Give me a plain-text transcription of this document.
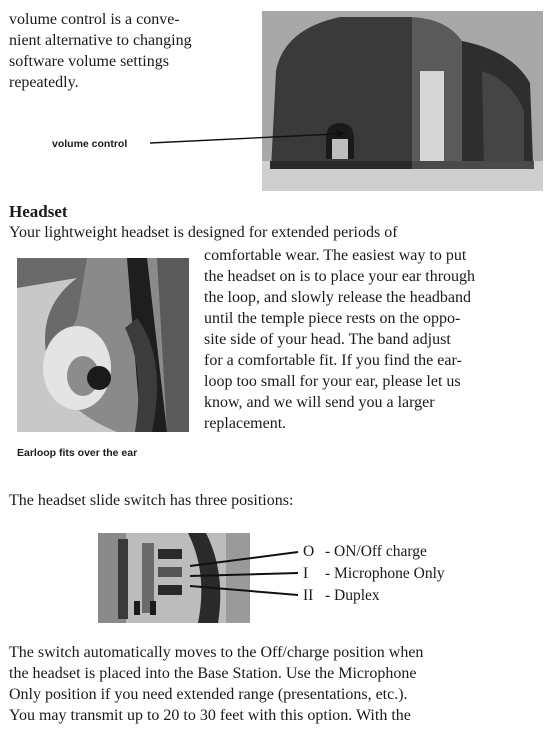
volume control is a conve-
nient alternative to changing
software volume settings
repeatedly.
volume control
Headset
Your lightweight headset is designed for extended periods of
Earloop fits over the ear
comfortable wear. The easiest way to put
the headset on is to place your ear through
the loop, and slowly release the headband
until the temple piece rests on the oppo-
site side of your head. The band adjust
for a comfortable fit. If you find the ear-
loop too small for your ear, please let us
know, and we will send you a larger
replacement.
The headset slide switch has three positions:
O - ON/Off charge
I - Microphone Only
II - Duplex
The switch automatically moves to the Off/charge position when
the headset is placed into the Base Station. Use the Microphone
Only position if you need extended range (presentations, etc.).
You may transmit up to 20 to 30 feet with this option. With the
